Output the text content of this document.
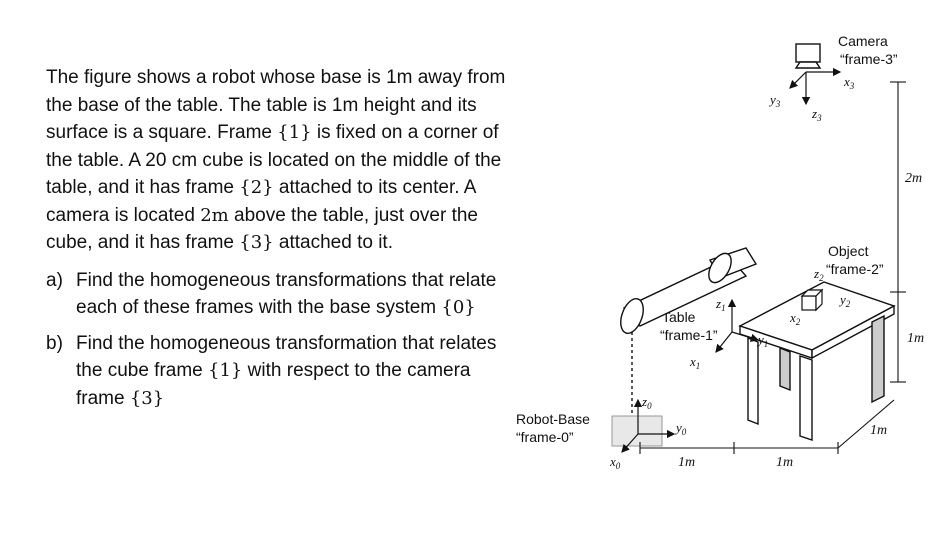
The figure shows a robot whose base is 1m away from the base of the table. The table is 1m height and its surface is a square. Frame {1} is fixed on a corner of the table. A 20 cm cube is located on the middle of the table, and it has frame {2} attached to its center. A camera is located 2m above the table, just over the cube, and it has frame {3} attached to it.

a) Find the homogeneous transformations that relate each of these frames with the base system {0}
b) Find the homogeneous transformation that relates the cube frame {1} with respect to the camera frame {3}
Camera
“frame-3”
$x_3$
$y_3$
$z_3$
2m
1m
Object
“frame-2”
$z_2$
$y_2$
$x_2$
$z_1$
$y_1$
$x_1$
Table
“frame-1”
$z_0$
$y_0$
$x_0$
Robot-Base
“frame-0”
1m	1m
1m
